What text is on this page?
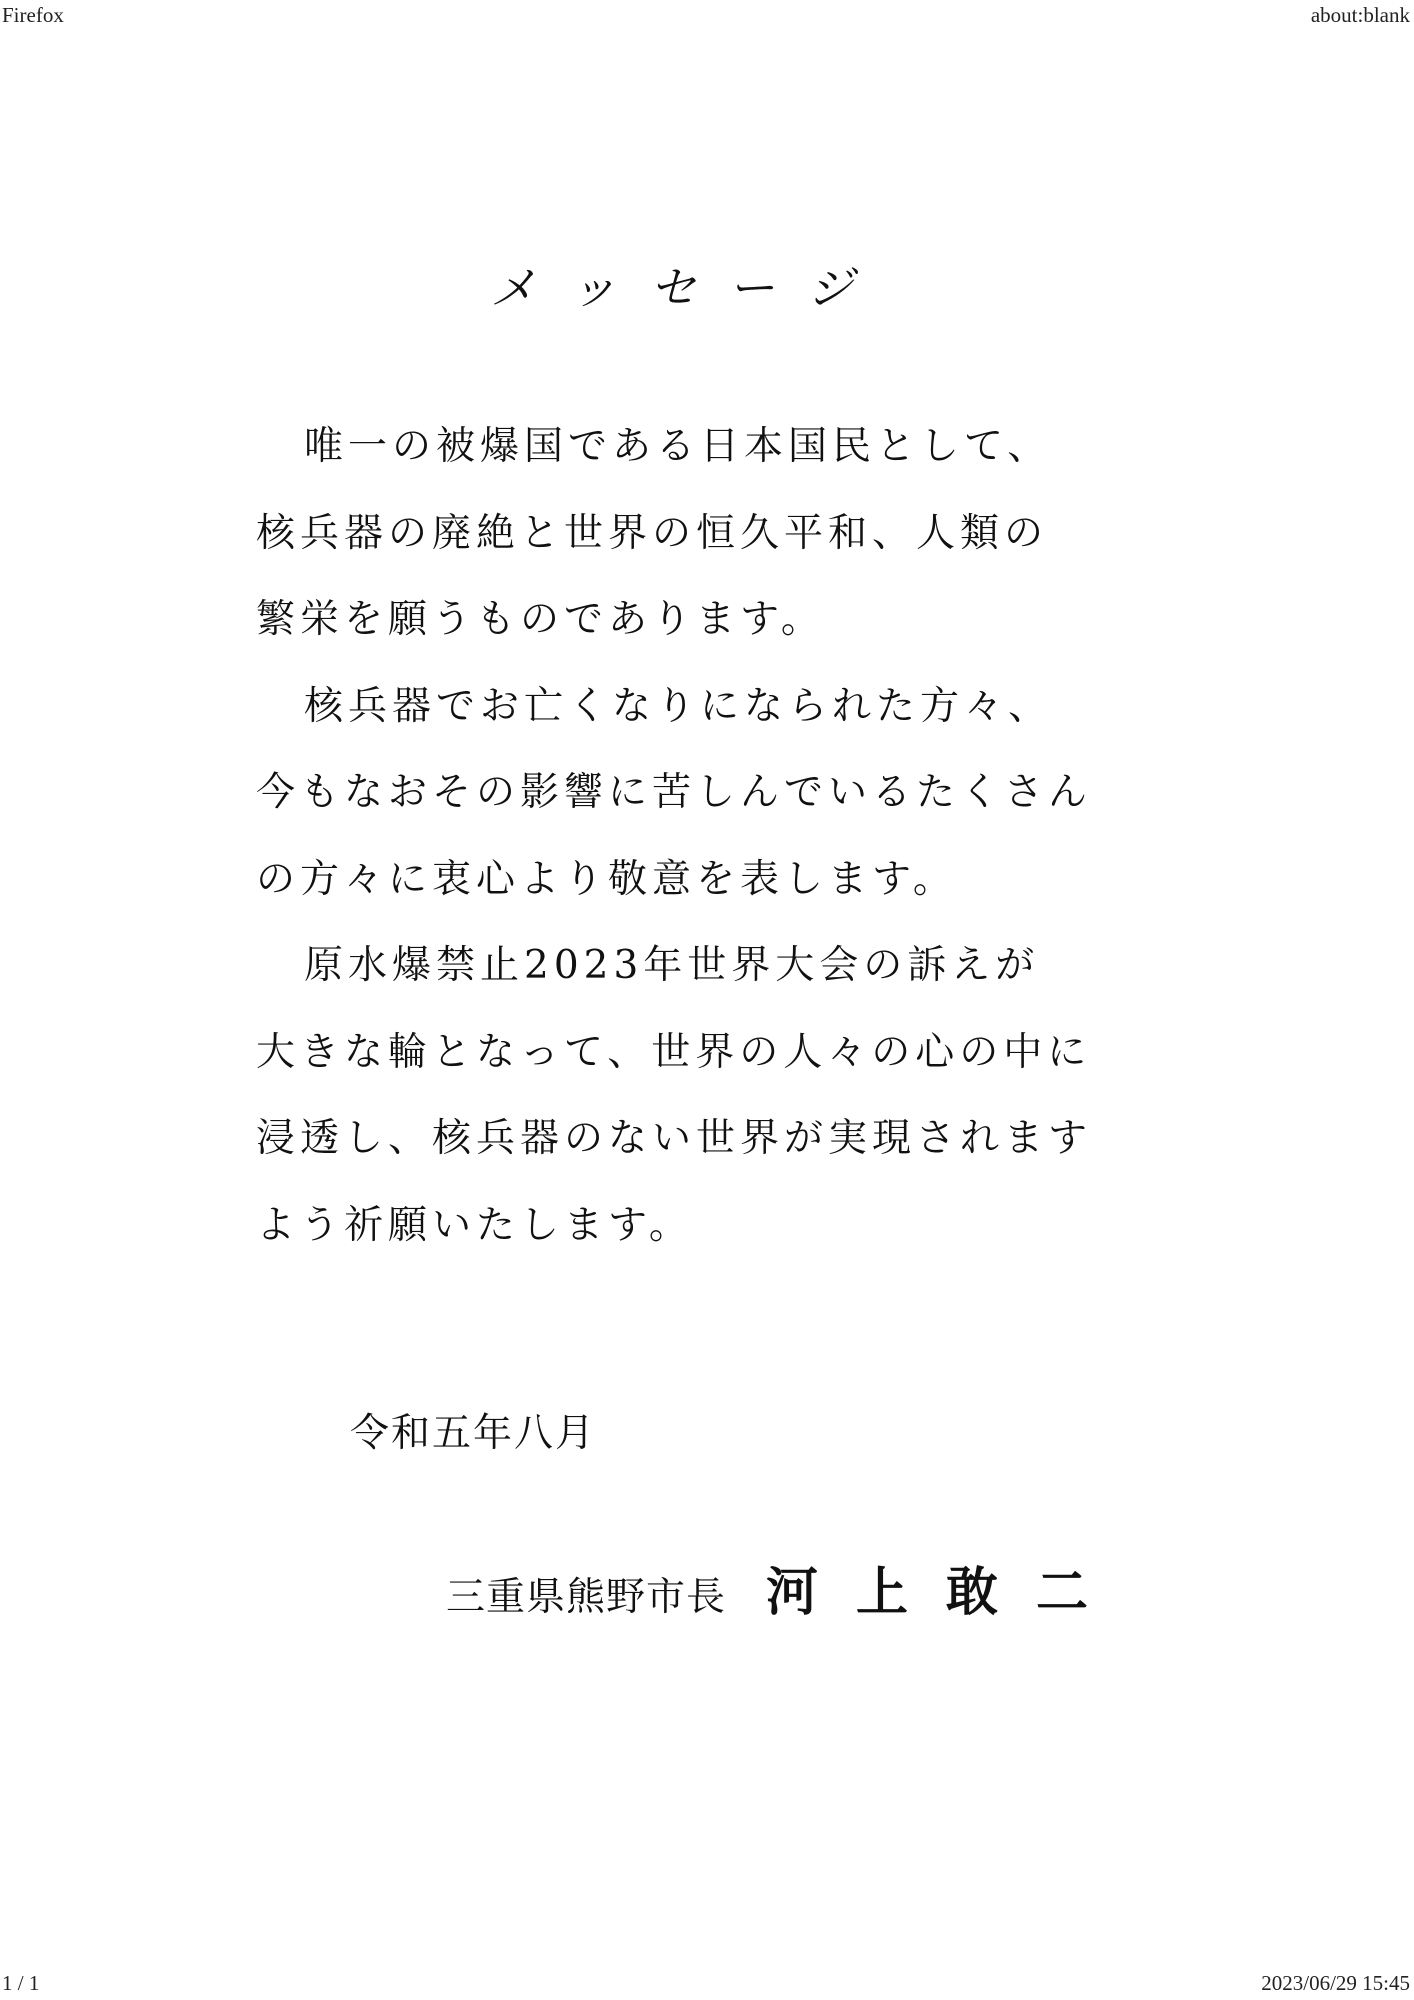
Firefox	about:blank
メッセージ
唯一の被爆国である日本国民として、
核兵器の廃絶と世界の恒久平和、人類の
繁栄を願うものであります。
核兵器でお亡くなりになられた方々、
今もなおその影響に苦しんでいるたくさん
の方々に衷心より敬意を表します。
原水爆禁止2023年世界大会の訴えが
大きな輪となって、世界の人々の心の中に
浸透し、核兵器のない世界が実現されます
よう祈願いたします。
令和五年八月
三重県熊野市長 河上敢二
1 / 1	2023/06/29 15:45
